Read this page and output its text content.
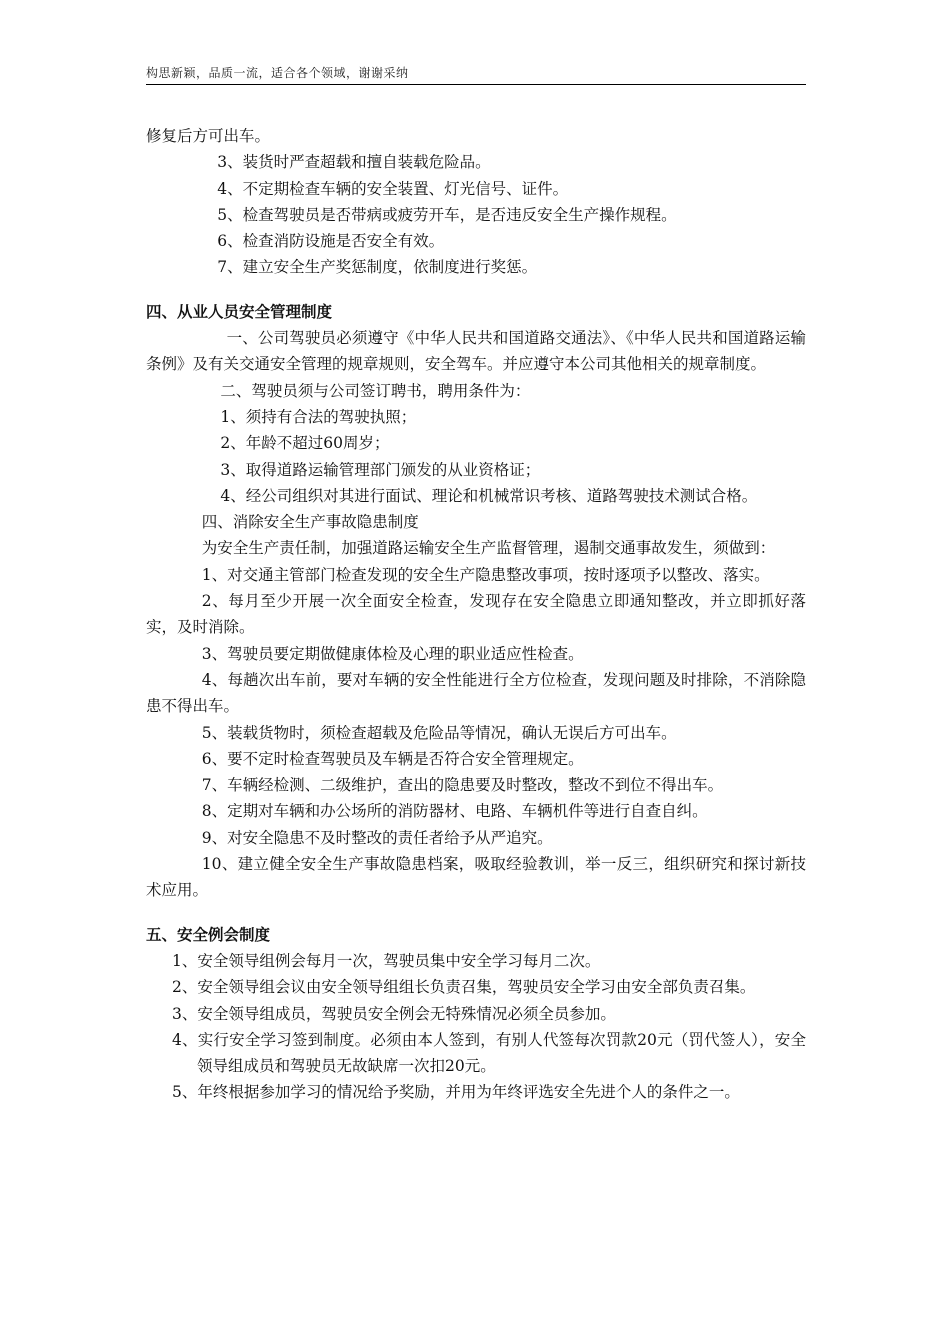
构思新颖，品质一流，适合各个领域，谢谢采纳

修复后方可出车。

3、装货时严查超载和擅自装载危险品。

4、不定期检查车辆的安全装置、灯光信号、证件。

5、检查驾驶员是否带病或疲劳开车，是否违反安全生产操作规程。

6、检查消防设施是否安全有效。

7、建立安全生产奖惩制度，依制度进行奖惩。

四、从业人员安全管理制度

一、公司驾驶员必须遵守《中华人民共和国道路交通法》、《中华人民共和国道路运输条例》及有关交通安全管理的规章规则，安全驾车。并应遵守本公司其他相关的规章制度。

二、驾驶员须与公司签订聘书，聘用条件为：

1、须持有合法的驾驶执照；

2、年龄不超过60周岁；

3、取得道路运输管理部门颁发的从业资格证；

4、经公司组织对其进行面试、理论和机械常识考核、道路驾驶技术测试合格。

四、消除安全生产事故隐患制度

为安全生产责任制，加强道路运输安全生产监督管理，遏制交通事故发生，须做到：

1、对交通主管部门检查发现的安全生产隐患整改事项，按时逐项予以整改、落实。

2、每月至少开展一次全面安全检查，发现存在安全隐患立即通知整改，并立即抓好落实，及时消除。

3、驾驶员要定期做健康体检及心理的职业适应性检查。

4、每趟次出车前，要对车辆的安全性能进行全方位检查，发现问题及时排除，不消除隐患不得出车。

5、装载货物时，须检查超载及危险品等情况，确认无误后方可出车。

6、要不定时检查驾驶员及车辆是否符合安全管理规定。

7、车辆经检测、二级维护，查出的隐患要及时整改，整改不到位不得出车。

8、定期对车辆和办公场所的消防器材、电路、车辆机件等进行自查自纠。

9、对安全隐患不及时整改的责任者给予从严追究。

10、建立健全安全生产事故隐患档案，吸取经验教训，举一反三，组织研究和探讨新技术应用。

五、安全例会制度

1、安全领导组例会每月一次，驾驶员集中安全学习每月二次。

2、安全领导组会议由安全领导组组长负责召集，驾驶员安全学习由安全部负责召集。

3、安全领导组成员，驾驶员安全例会无特殊情况必须全员参加。

4、实行安全学习签到制度。必须由本人签到，有别人代签每次罚款20元（罚代签人），安全领导组成员和驾驶员无故缺席一次扣20元。

5、年终根据参加学习的情况给予奖励，并用为年终评选安全先进个人的条件之一。
